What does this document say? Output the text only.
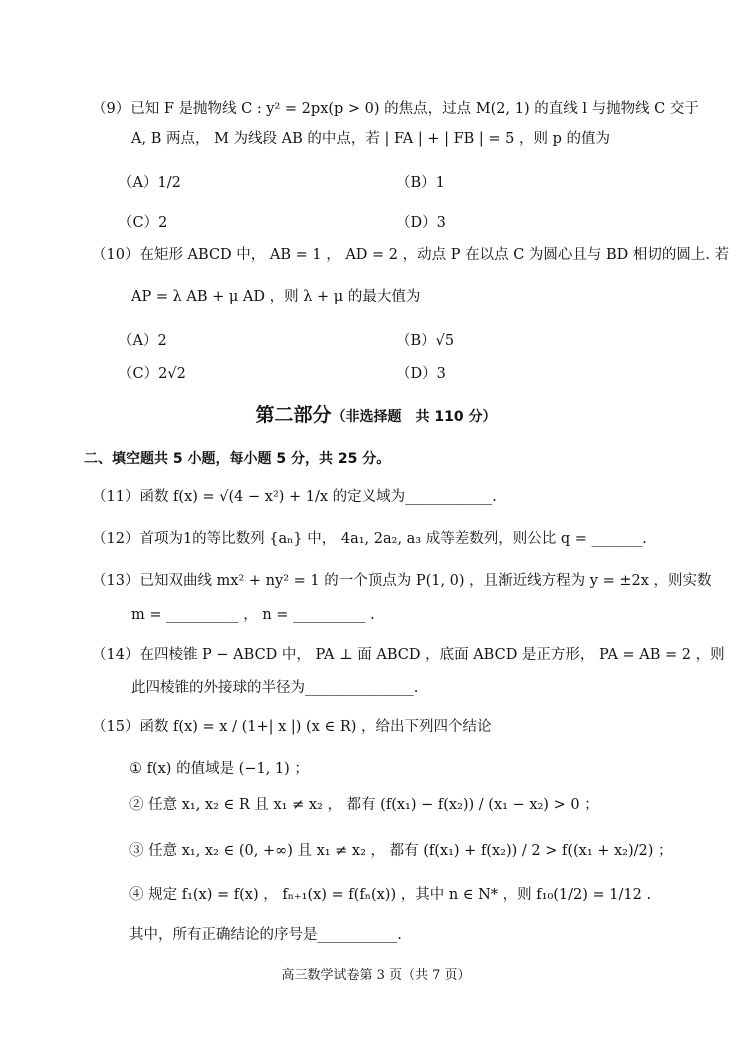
（9）已知 F 是抛物线 C : y² = 2px(p > 0) 的焦点，过点 M(2, 1) 的直线 l 与抛物线 C 交于
A, B 两点， M 为线段 AB 的中点，若 | FA | + | FB | = 5 ，则 p 的值为
（A）1/2	（B）1
（C）2	（D）3
（10）在矩形 ABCD 中， AB = 1 ， AD = 2 ，动点 P 在以点 C 为圆心且与 BD 相切的圆上. 若
AP = λ AB + μ AD ，则 λ + μ 的最大值为
（A）2	（B）√5
（C）2√2	（D）3
第二部分（非选择题　共 110 分）
二、填空题共 5 小题，每小题 5 分，共 25 分。
（11）函数 f(x) = √(4 − x²) + 1/x 的定义域为____________.
（12）首项为1的等比数列 {aₙ} 中， 4a₁, 2a₂, a₃ 成等差数列，则公比 q = _______.
（13）已知双曲线 mx² + ny² = 1 的一个顶点为 P(1, 0) ，且渐近线方程为 y = ±2x ，则实数
m = __________ ， n = __________ .
（14）在四棱锥 P − ABCD 中， PA ⊥ 面 ABCD ，底面 ABCD 是正方形， PA = AB = 2 ，则
此四棱锥的外接球的半径为_______________.
（15）函数 f(x) = x / (1+| x |) (x ∈ R) ，给出下列四个结论
① f(x) 的值域是 (−1, 1) ；
② 任意 x₁, x₂ ∈ R 且 x₁ ≠ x₂ ， 都有 (f(x₁) − f(x₂)) / (x₁ − x₂) > 0 ；
③ 任意 x₁, x₂ ∈ (0, +∞) 且 x₁ ≠ x₂ ， 都有 (f(x₁) + f(x₂)) / 2 > f((x₁ + x₂)/2) ；
④ 规定 f₁(x) = f(x) ， fₙ₊₁(x) = f(fₙ(x)) ，其中 n ∈ N* ，则 f₁₀(1/2) = 1/12 .
其中，所有正确结论的序号是___________.
高三数学试卷第 3 页（共 7 页）
